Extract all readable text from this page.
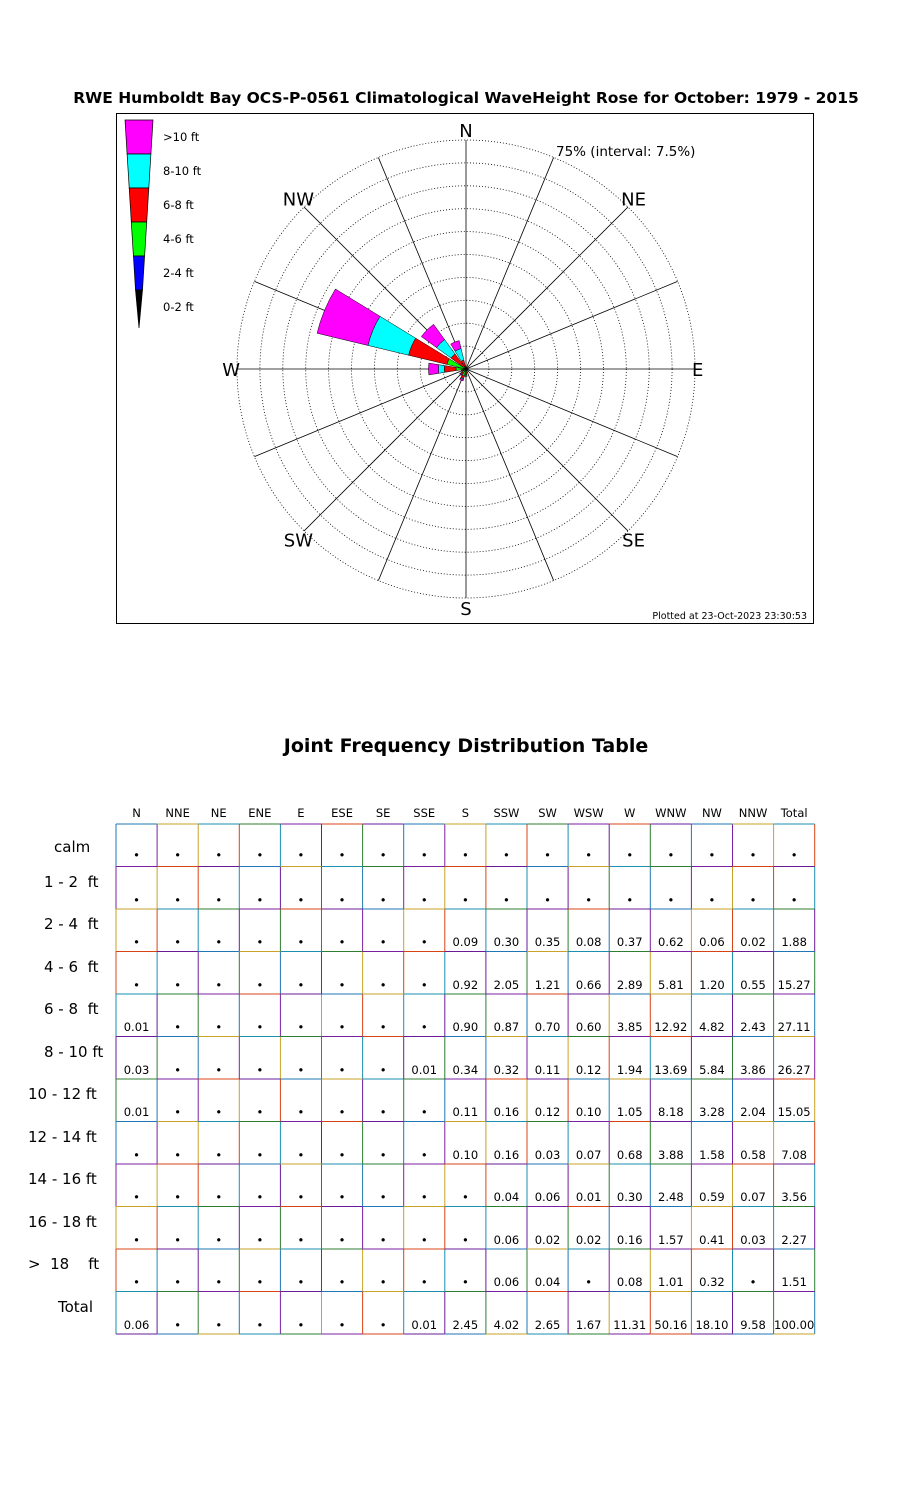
RWE Humboldt Bay OCS-P-0561 Climatological WaveHeight Rose for October: 1979 - 2015
N
NE
E
SE
S
SW
W
NW
75% (interval: 7.5%)
>10 ft
8-10 ft
6-8 ft
4-6 ft
2-4 ft
0-2 ft
Plotted at 23-Oct-2023 23:30:53
Joint Frequency Distribution Table
N	NNE	NE	ENE	E	ESE	SE	SSE	S	SSW	SW	WSW	W	WNW	NW	NNW	Total
calm	•	•	•	•	•	•	•	•	•	•	•	•	•	•	•	•	•
1 - 2  ft
•	•	•	•	•	•	•	•	•	•	•	•	•	•	•	•	•
2 - 4  ft
•	•	•	•	•	•	•	•	0.09	0.30	0.35	0.08	0.37	0.62	0.06	0.02	1.88
4 - 6  ft
•	•	•	•	•	•	•	•	0.92	2.05	1.21	0.66	2.89	5.81	1.20	0.55	15.27
6 - 8  ft
0.01	•	•	•	•	•	•	•	0.90	0.87	0.70	0.60	3.85	12.92	4.82	2.43	27.11
8 - 10 ft
0.03	•	•	•	•	•	•	0.01	0.34	0.32	0.11	0.12	1.94	13.69	5.84	3.86	26.27
10 - 12 ft
0.01	•	•	•	•	•	•	•	0.11	0.16	0.12	0.10	1.05	8.18	3.28	2.04	15.05
12 - 14 ft
•	•	•	•	•	•	•	•	0.10	0.16	0.03	0.07	0.68	3.88	1.58	0.58	7.08
14 - 16 ft
•	•	•	•	•	•	•	•	•	0.04	0.06	0.01	0.30	2.48	0.59	0.07	3.56
16 - 18 ft
•	•	•	•	•	•	•	•	•	0.06	0.02	0.02	0.16	1.57	0.41	0.03	2.27
>  18    ft
•	•	•	•	•	•	•	•	•	0.06	0.04	•	0.08	1.01	0.32	•	1.51
Total
0.06	•	•	•	•	•	•	0.01	2.45	4.02	2.65	1.67	11.31 50.16 18.10	9.58 100.00
